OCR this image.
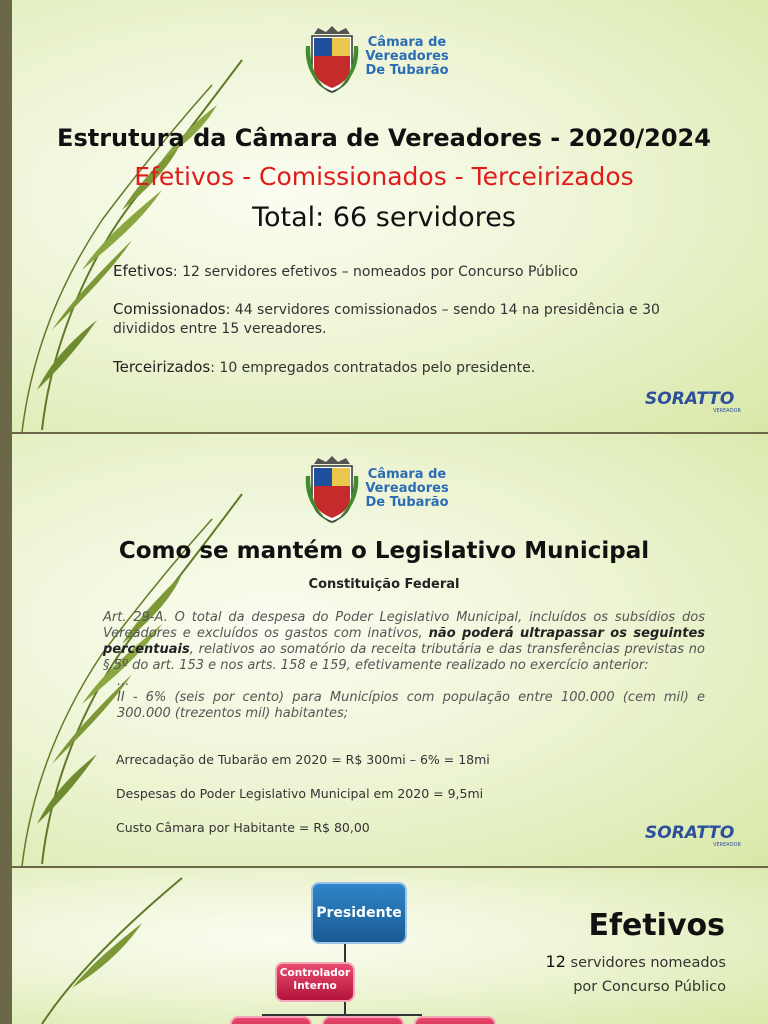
Câmara de
Vereadores
De Tubarão
Estrutura da Câmara de Vereadores - 2020/2024
Efetivos - Comissionados - Terceirizados
Total: 66 servidores
Efetivos: 12 servidores efetivos – nomeados por Concurso Público
Comissionados: 44 servidores comissionados – sendo 14 na presidência e 30 divididos entre 15 vereadores.
Terceirizados: 10 empregados contratados pelo presidente.
SORATTO
VEREADOR
Câmara de
Vereadores
De Tubarão
Como se mantém o Legislativo Municipal
Constituição Federal
Art. 29-A. O total da despesa do Poder Legislativo Municipal, incluídos os subsídios dos Vereadores e excluídos os gastos com inativos, não poderá ultrapassar os seguintes percentuais, relativos ao somatório da receita tributária e das transferências previstas no § 5º do art. 153 e nos arts. 158 e 159, efetivamente realizado no exercício anterior:
...
II - 6% (seis por cento) para Municípios com população entre 100.000 (cem mil) e 300.000 (trezentos mil) habitantes;
Arrecadação de Tubarão em 2020 = R$ 300mi – 6% = 18mi
Despesas do Poder Legislativo Municipal em 2020 = 9,5mi
Custo Câmara por Habitante = R$ 80,00	SORATTO
VEREADOR
Presidente
Controlador Interno
Efetivos
12 servidores nomeados
por Concurso Público
